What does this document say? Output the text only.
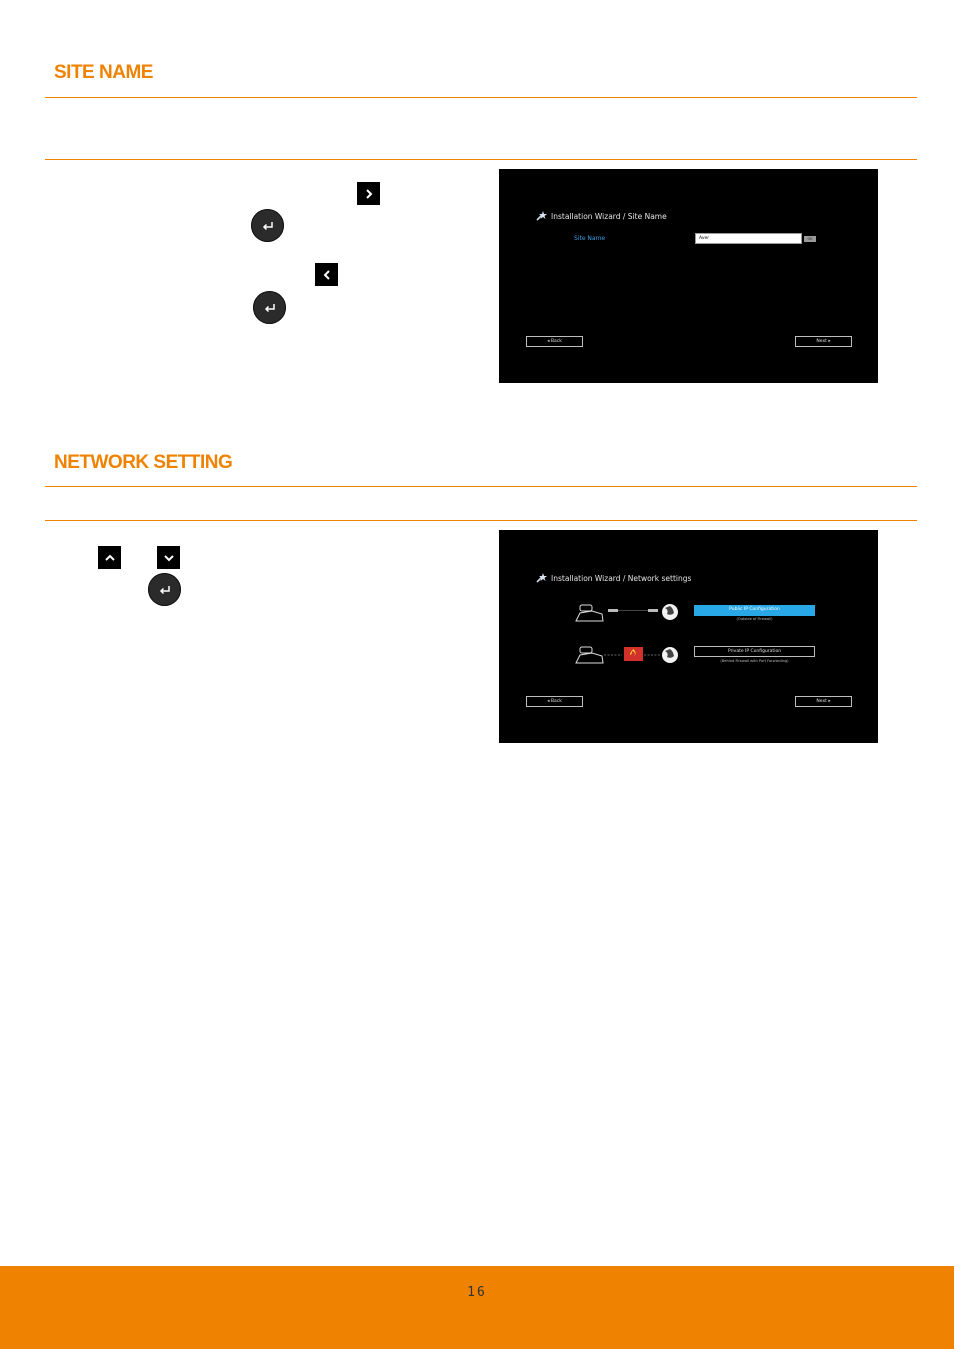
SITE NAME
Installation Wizard / Site Name
Site Name	Aver	OK
◂ Back	Next ▸
NETWORK SETTING
Installation Wizard / Network settings
Public IP Configuration
(Outside of Firewall)
Private IP Configuration
(Behind Firewall with Port Forwarding)
◂ Back	Next ▸
16
